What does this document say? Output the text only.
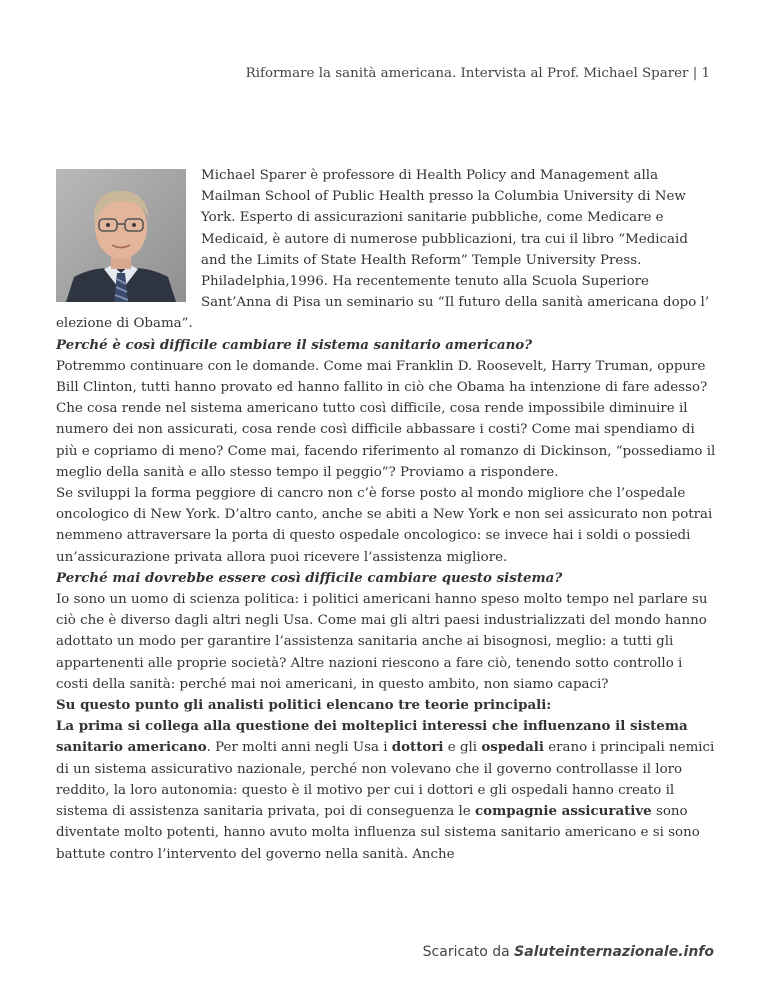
Riformare la sanità americana. Intervista al Prof. Michael Sparer | 1

Michael Sparer è professore di Health Policy and Management alla Mailman School of Public Health presso la Columbia University di New York. Esperto di assicurazioni sanitarie pubbliche, come Medicare e Medicaid, è autore di numerose pubblicazioni, tra cui il libro “Medicaid and the Limits of State Health Reform” Temple University Press. Philadelphia,1996. Ha recentemente tenuto alla Scuola Superiore Sant’Anna di Pisa un seminario su “Il futuro della sanità americana dopo l’ elezione di Obama”.

Perché è così difficile cambiare il sistema sanitario americano?

Potremmo continuare con le domande. Come mai Franklin D. Roosevelt, Harry Truman, oppure Bill Clinton, tutti hanno provato ed hanno fallito in ciò che Obama ha intenzione di fare adesso? Che cosa rende nel sistema americano tutto così difficile, cosa rende impossibile diminuire il numero dei non assicurati, cosa rende così difficile abbassare i costi? Come mai spendiamo di più e copriamo di meno? Come mai, facendo riferimento al romanzo di Dickinson, “possediamo il meglio della sanità e allo stesso tempo il peggio”? Proviamo a rispondere.

Se sviluppi la forma peggiore di cancro non c’è forse posto al mondo migliore che l’ospedale oncologico di New York. D’altro canto, anche se abiti a New York e non sei assicurato non potrai nemmeno attraversare la porta di questo ospedale oncologico: se invece hai i soldi o possiedi un’assicurazione privata allora puoi ricevere l’assistenza migliore.

Perché mai dovrebbe essere così difficile cambiare questo sistema?

Io sono un uomo di scienza politica: i politici americani hanno speso molto tempo nel parlare su ciò che è diverso dagli altri negli Usa. Come mai gli altri paesi industrializzati del mondo hanno adottato un modo per garantire l’assistenza sanitaria anche ai bisognosi, meglio: a tutti gli appartenenti alle proprie società? Altre nazioni riescono a fare ciò, tenendo sotto controllo i costi della sanità: perché mai noi americani, in questo ambito, non siamo capaci?

Su questo punto gli analisti politici elencano tre teorie principali:

La prima si collega alla questione dei molteplici interessi che influenzano il sistema sanitario americano. Per molti anni negli Usa i dottori e gli ospedali erano i principali nemici di un sistema assicurativo nazionale, perché non volevano che il governo controllasse il loro reddito, la loro autonomia: questo è il motivo per cui i dottori e gli ospedali hanno creato il sistema di assistenza sanitaria privata, poi di conseguenza le compagnie assicurative sono diventate molto potenti, hanno avuto molta influenza sul sistema sanitario americano e si sono battute contro l’intervento del governo nella sanità. Anche

Scaricato da Saluteinternazionale.info
